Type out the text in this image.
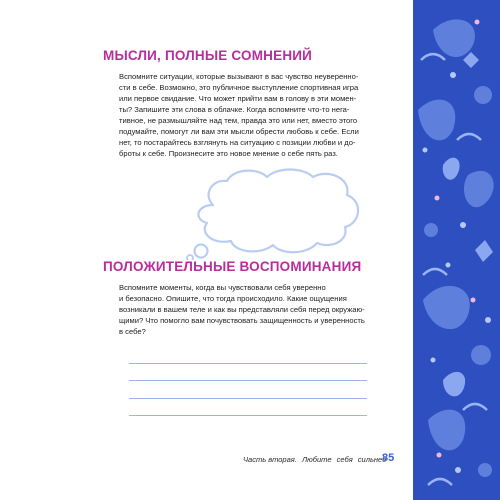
МЫСЛИ, ПОЛНЫЕ СОМНЕНИЙ
Вспомните ситуации, которые вызывают в вас чувство неуверенно-
сти в себе. Возможно, это публичное выступление спортивная игра
или первое свидание. Что может прийти вам в голову в эти момен-
ты? Запишите эти слова в облачке. Когда вспомните что-то нега-
тивное, не размышляйте над тем, правда это или нет, вместо этого
подумайте, помогут ли вам эти мысли обрести любовь к себе. Если
нет, то постарайтесь взглянуть на ситуацию с позиции любви и до-
броты к себе. Произнесите это новое мнение о себе пять раз.
ПОЛОЖИТЕЛЬНЫЕ ВОСПОМИНАНИЯ
Вспомните моменты, когда вы чувствовали себя уверенно
и безопасно. Опишите, что тогда происходило. Какие ощущения
возникали в вашем теле и как вы представляли себя перед окружаю-
щими? Что помогло вам почувствовать защищенность и уверенность
в себе?
Часть вторая. Любите себя сильнее
85
